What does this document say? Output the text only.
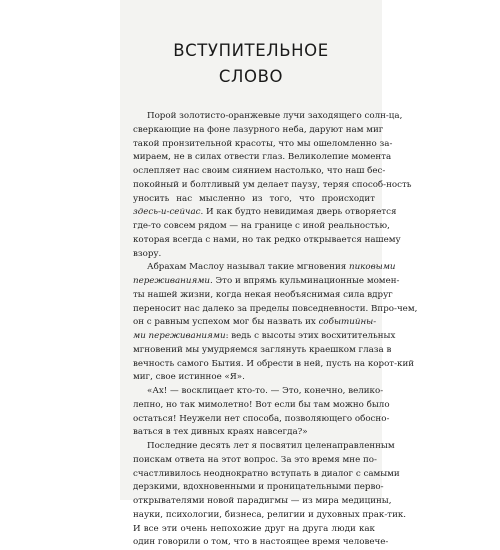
ВСТУПИТЕЛЬНОЕ
СЛОВО
Порой золотисто-оранжевые лучи заходящего солн-ца,
сверкающие на фоне лазурного неба, даруют нам миг
такой пронзительной красоты, что мы ошеломленно за-
мираем, не в силах отвести глаз. Великолепие момента
ослепляет нас своим сиянием настолько, что наш бес-
покойный и болтливый ум делает паузу, теряя способ-ность
уносить нас мысленно из того, что происходит
здесь-и-сейчас. И как будто невидимая дверь отворяется
где-то совсем рядом — на границе с иной реальностью,
которая всегда с нами, но так редко открывается нашему
взору.
Абрахам Маслоу называл такие мгновения пиковыми
переживаниями. Это и впрямь кульминационные момен-
ты нашей жизни, когда некая необъяснимая сила вдруг
переносит нас далеко за пределы повседневности. Впро-чем,
он с равным успехом мог бы назвать их событийны-
ми переживаниями: ведь с высоты этих восхитительных
мгновений мы умудряемся заглянуть краешком глаза в
вечность самого Бытия. И обрести в ней, пусть на корот-кий
миг, свое истинное «Я».
«Ах! — восклицает кто-то. — Это, конечно, велико-
лепно, но так мимолетно! Вот если бы там можно было
остаться! Неужели нет способа, позволяющего обосно-
ваться в тех дивных краях навсегда?»
Последние десять лет я посвятил целенаправленным
поискам ответа на этот вопрос. За это время мне по-
счастливилось неоднократно вступать в диалог с самыми
дерзкими, вдохновенными и проницательными перво-
открывателями новой парадигмы — из мира медицины,
науки, психологии, бизнеса, религии и духовных прак-тик.
И все эти очень непохожие друг на друга люди как
один говорили о том, что в настоящее время человече-
